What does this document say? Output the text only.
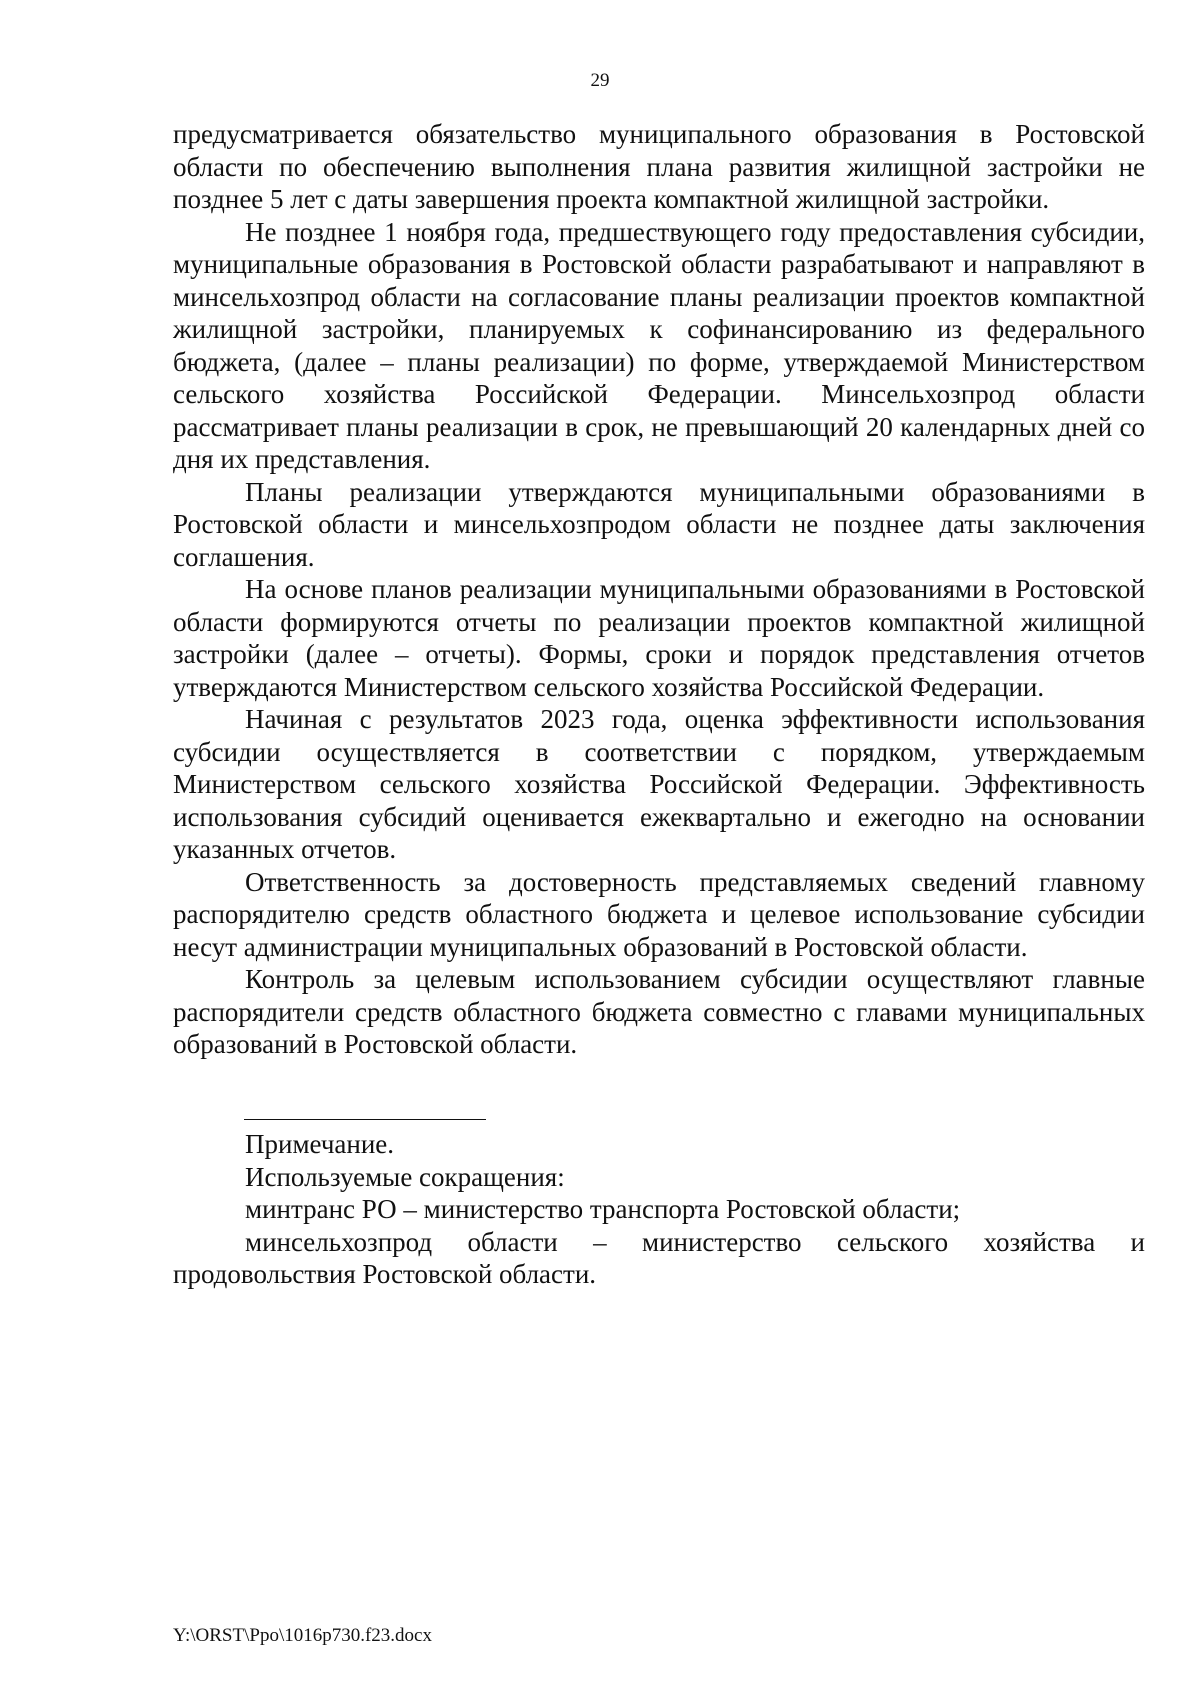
29

предусматривается обязательство муниципального образования в Ростовской области по обеспечению выполнения плана развития жилищной застройки не позднее 5 лет с даты завершения проекта компактной жилищной застройки.

Не позднее 1 ноября года, предшествующего году предоставления субсидии, муниципальные образования в Ростовской области разрабатывают и направляют в минсельхозпрод области на согласование планы реализации проектов компактной жилищной застройки, планируемых к софинансированию из федерального бюджета, (далее – планы реализации) по форме, утверждаемой Министерством сельского хозяйства Российской Федерации. Минсельхозпрод области рассматривает планы реализации в срок, не превышающий 20 календарных дней со дня их представления.

Планы реализации утверждаются муниципальными образованиями в Ростовской области и минсельхозпродом области не позднее даты заключения соглашения.

На основе планов реализации муниципальными образованиями в Ростовской области формируются отчеты по реализации проектов компактной жилищной застройки (далее – отчеты). Формы, сроки и порядок представления отчетов утверждаются Министерством сельского хозяйства Российской Федерации.

Начиная с результатов 2023 года, оценка эффективности использования субсидии осуществляется в соответствии с порядком, утверждаемым Министерством сельского хозяйства Российской Федерации. Эффективность использования субсидий оценивается ежеквартально и ежегодно на основании указанных отчетов.

Ответственность за достоверность представляемых сведений главному распорядителю средств областного бюджета и целевое использование субсидии несут администрации муниципальных образований в Ростовской области.

Контроль за целевым использованием субсидии осуществляют главные распорядители средств областного бюджета совместно с главами муниципальных образований в Ростовской области.

Примечание.

Используемые сокращения:

минтранс РО – министерство транспорта Ростовской области;

минсельхозпрод области – министерство сельского хозяйства и продовольствия Ростовской области.

Y:\ORST\Ppo\1016p730.f23.docx
